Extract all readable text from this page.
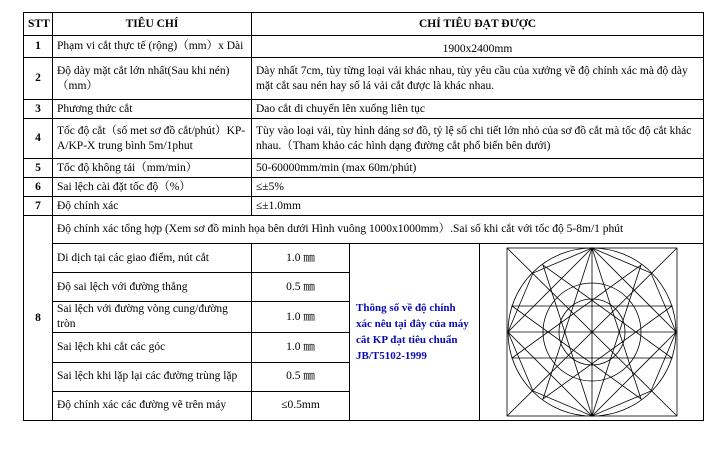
STT	TIÊU CHÍ	CHỈ TIÊU ĐẠT ĐƯỢC		
1	Phạm vi cắt thực tế (rộng)（mm）x Dài	1900x2400mm		
2	Độ dày mặt cắt lớn nhất(Sau khi nén)（mm）	Dày nhất 7cm, tùy từng loại vải khác nhau, tùy yêu cầu của xưởng về độ chính xác mà độ dày mặt cắt sau nén hay số lá vải cắt được là khác nhau.		
3	Phương thức cắt	Dao cắt di chuyển lên xuống liên tục		
4	Tốc độ cắt（số met sơ đồ cắt/phút）KP-A/KP-X trung bình 5m/1phut	Tùy vào loại vải, tùy hình dáng sơ đồ, tỷ lệ số chi tiết lớn nhỏ của sơ đồ cắt mà tốc độ cắt khác nhau.（Tham khảo các hình dạng đường cắt phổ biến bên dưới)		
5	Tốc độ không tải（mm/min）	50-60000mm/min (max 60m/phút)		
6	Sai lệch cài đặt tốc độ（%）	≤±5%		
7	Độ chính xác	≤±1.0mm		
8	Độ chính xác tổng hợp (Xem sơ đồ minh họa bên dưới Hình vuông 1000x1000mm）.Sai số khi cắt với tốc độ 5-8m/1 phút			
	Di dịch tại các giao điểm, nút cắt	1.0 ㎜	Thông số về độ chính xác nêu tại đây của máy cắt KP đạt tiêu chuẩn JB/T5102-1999	

	Độ sai lệch với đường thẳng	0.5 ㎜		
	Sai lệch với đường vòng cung/đường tròn	1.0 ㎜		
	Sai lệch khi cắt các góc	1.0 ㎜		
	Sai lệch khi lặp lại các đường trùng lặp	0.5 ㎜		
	Độ chính xác các đường vẽ trên máy	≤0.5mm		
